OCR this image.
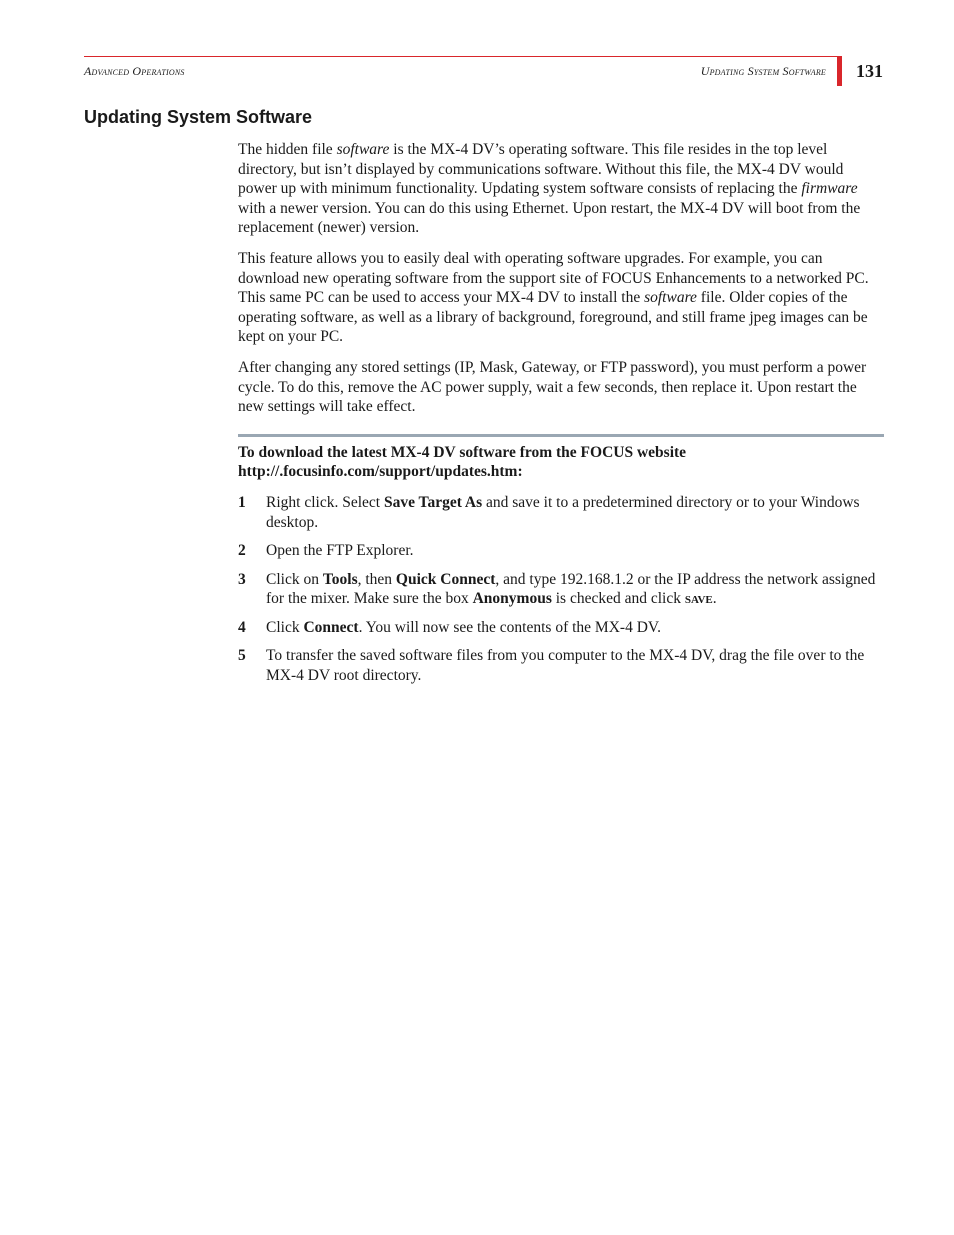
Advanced Operations	Updating System Software 131
Updating System Software

The hidden file software is the MX-4 DV’s operating software. This file resides in the top level directory, but isn’t displayed by communications software. Without this file, the MX-4 DV would power up with minimum functionality. Updating system software consists of replacing the firmware with a newer version. You can do this using Ethernet. Upon restart, the MX-4 DV will boot from the replacement (newer) version.

This feature allows you to easily deal with operating software upgrades. For example, you can download new operating software from the support site of FOCUS Enhancements to a networked PC. This same PC can be used to access your MX-4 DV to install the software file. Older copies of the operating software, as well as a library of background, foreground, and still frame jpeg images can be kept on your PC.

After changing any stored settings (IP, Mask, Gateway, or FTP password), you must perform a power cycle. To do this, remove the AC power supply, wait a few seconds, then replace it. Upon restart the new settings will take effect.

To download the latest MX-4 DV software from the FOCUS website
http://.focusinfo.com/support/updates.htm:

1 Right click. Select Save Target As and save it to a predetermined directory or to your Windows desktop.
2 Open the FTP Explorer.
3 Click on Tools, then Quick Connect, and type 192.168.1.2 or the IP address the network assigned for the mixer. Make sure the box Anonymous is checked and click save.
4 Click Connect. You will now see the contents of the MX-4 DV.
5 To transfer the saved software files from you computer to the MX-4 DV, drag the file over to the MX-4 DV root directory.
